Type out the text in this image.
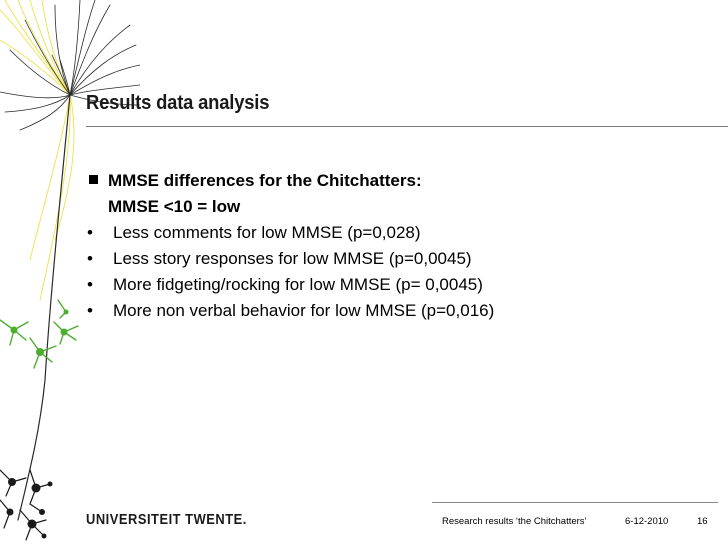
Results data analysis
MMSE differences for the Chitchatters:
MMSE <10 = low
•	Less comments for low MMSE (p=0,028)
•	Less story responses for low MMSE (p=0,0045)
•	More fidgeting/rocking for low MMSE (p= 0,0045)
•	More non verbal behavior for low MMSE (p=0,016)
UNIVERSITEIT TWENTE.	Research results ‘the Chitchatters’	6-12-2010	16
